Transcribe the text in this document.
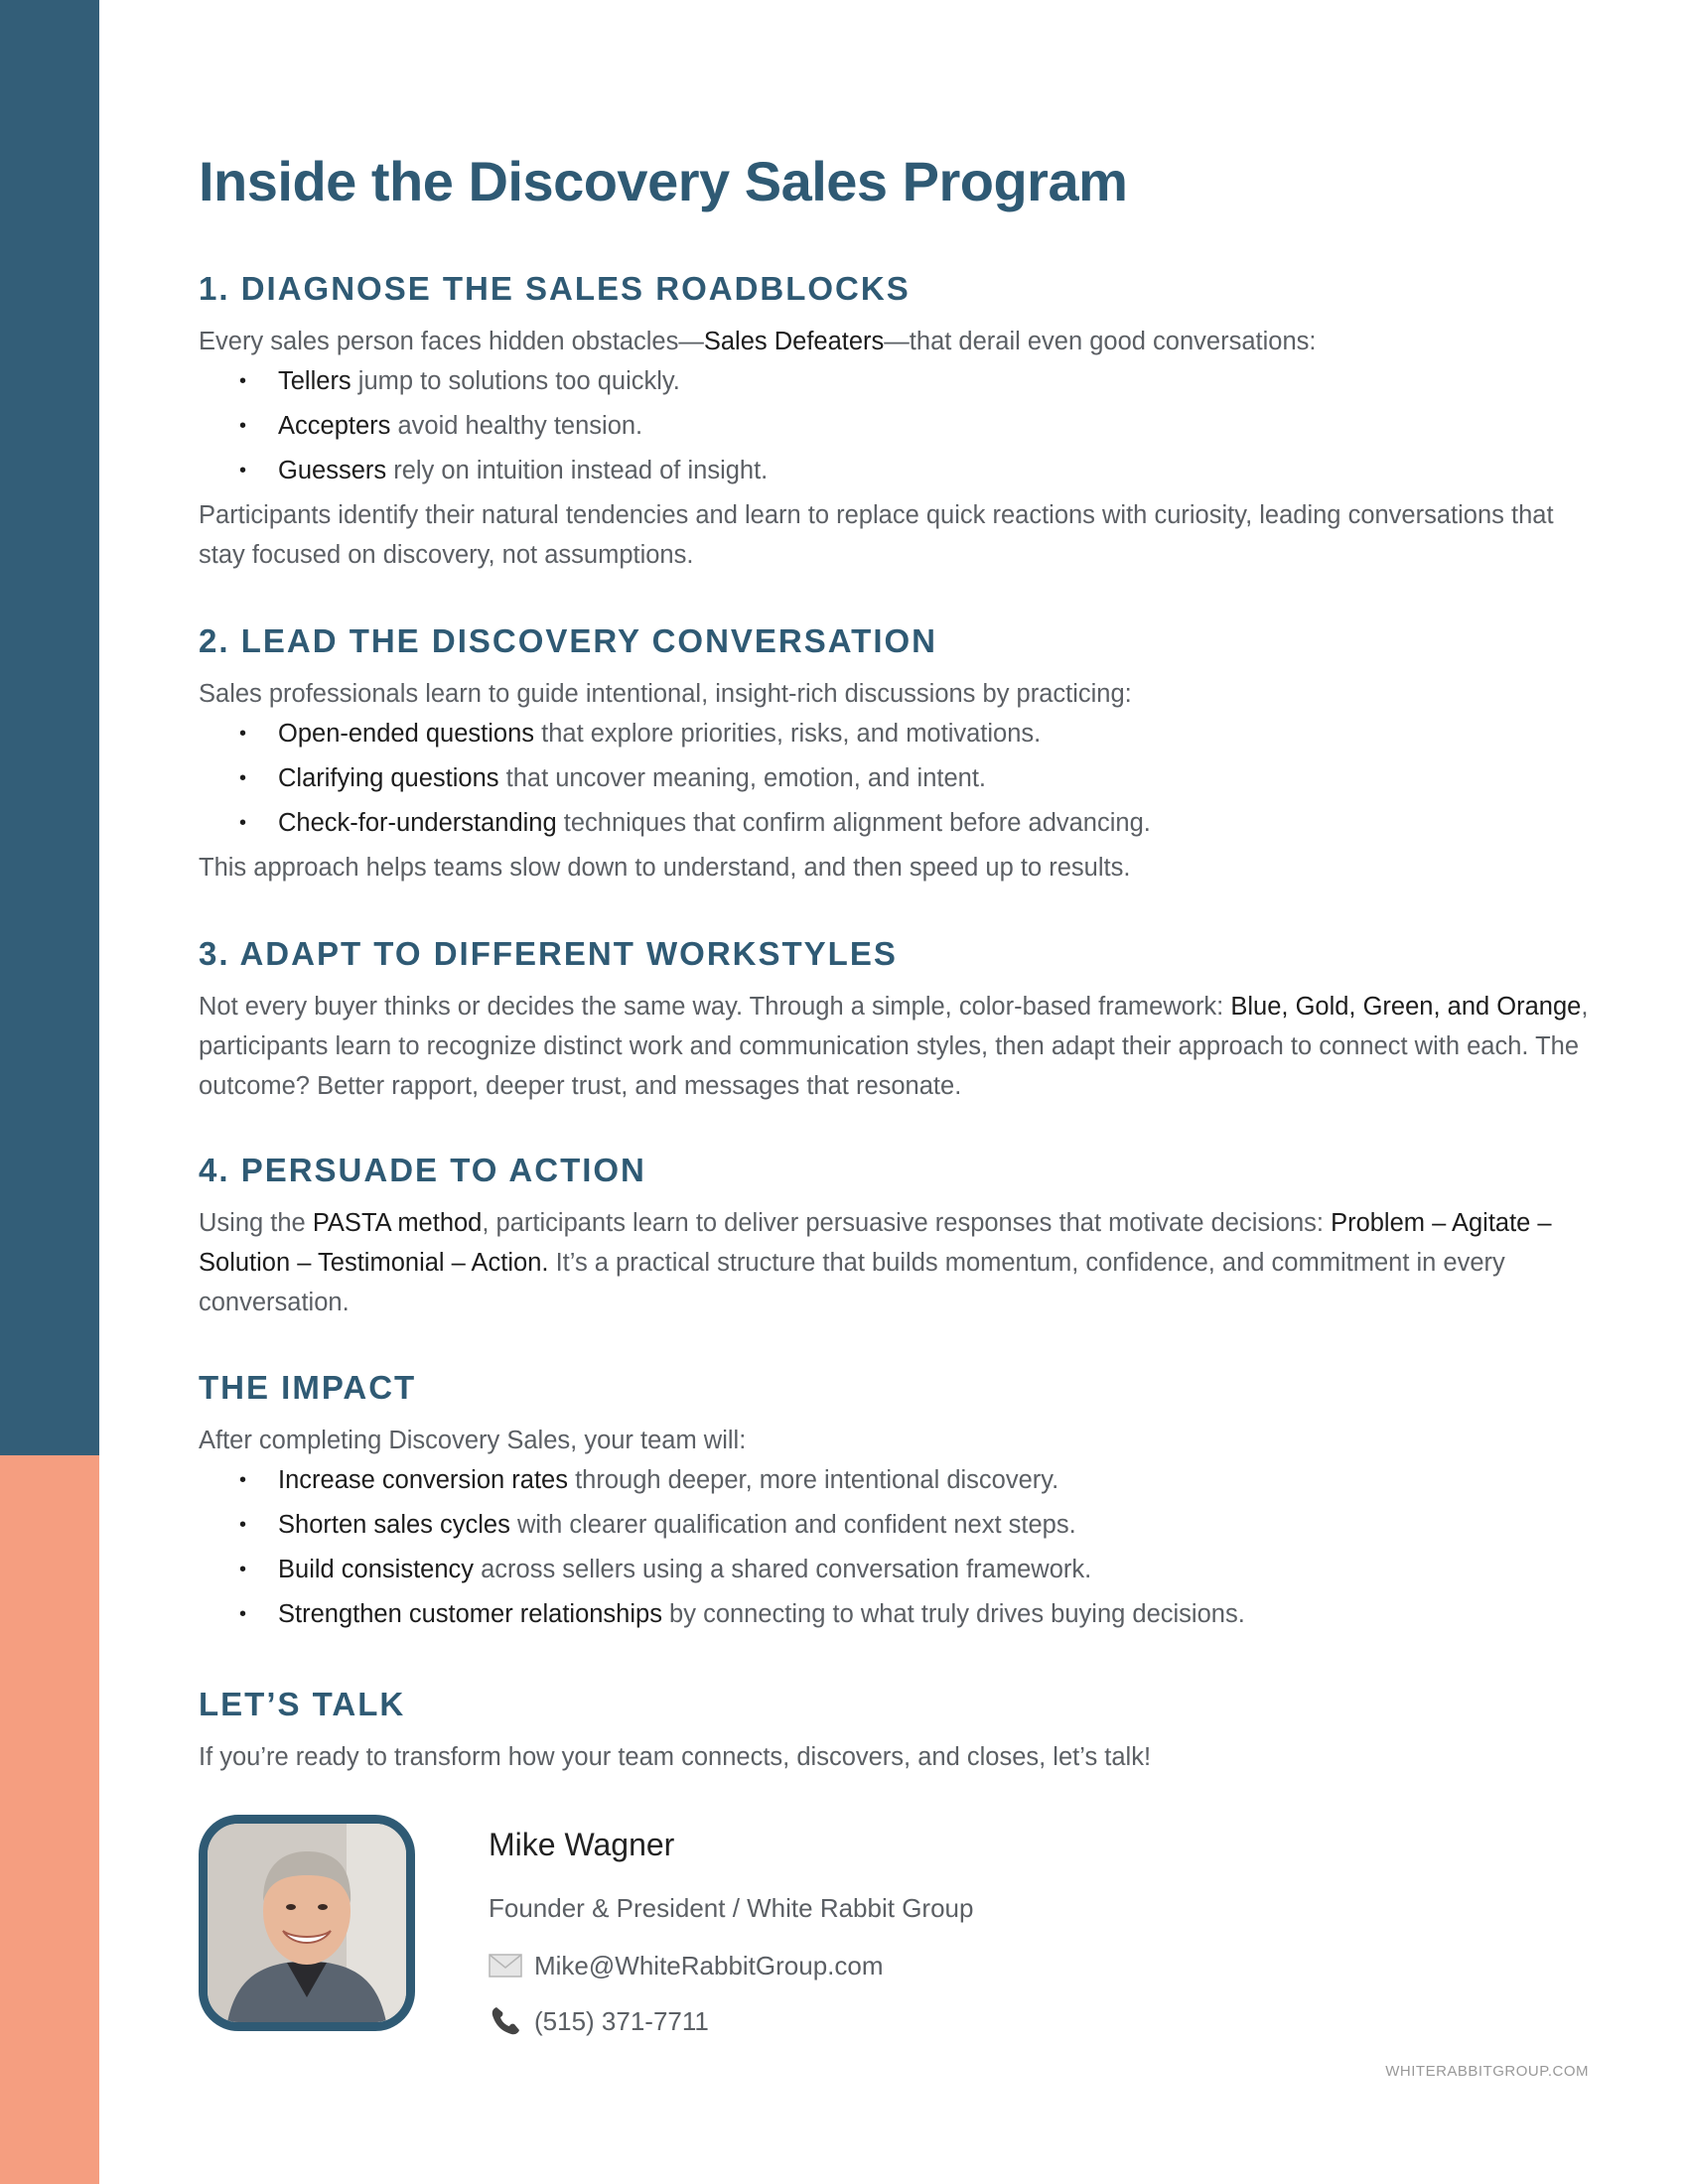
Inside the Discovery Sales Program
1. DIAGNOSE THE SALES ROADBLOCKS

Every sales person faces hidden obstacles—Sales Defeaters—that derail even good conversations:

• Tellers jump to solutions too quickly.
• Accepters avoid healthy tension.
• Guessers rely on intuition instead of insight.

Participants identify their natural tendencies and learn to replace quick reactions with curiosity, leading conversations that stay focused on discovery, not assumptions.

2. LEAD THE DISCOVERY CONVERSATION

Sales professionals learn to guide intentional, insight-rich discussions by practicing:

• Open-ended questions that explore priorities, risks, and motivations.
• Clarifying questions that uncover meaning, emotion, and intent.
• Check-for-understanding techniques that confirm alignment before advancing.

This approach helps teams slow down to understand, and then speed up to results.

3. ADAPT TO DIFFERENT WORKSTYLES

Not every buyer thinks or decides the same way. Through a simple, color-based framework: Blue, Gold, Green, and Orange, participants learn to recognize distinct work and communication styles, then adapt their approach to connect with each. The outcome? Better rapport, deeper trust, and messages that resonate.

4. PERSUADE TO ACTION

Using the PASTA method, participants learn to deliver persuasive responses that motivate decisions: Problem – Agitate – Solution – Testimonial – Action. It’s a practical structure that builds momentum, confidence, and commitment in every conversation.

THE IMPACT

After completing Discovery Sales, your team will:

• Increase conversion rates through deeper, more intentional discovery.
• Shorten sales cycles with clearer qualification and confident next steps.
• Build consistency across sellers using a shared conversation framework.
• Strengthen customer relationships by connecting to what truly drives buying decisions.
LET’S TALK

If you’re ready to transform how your team connects, discovers, and closes, let’s talk!

Mike Wagner
Founder & President / White Rabbit Group
Mike@WhiteRabbitGroup.com
(515) 371-7711
WHITERABBITGROUP.COM
